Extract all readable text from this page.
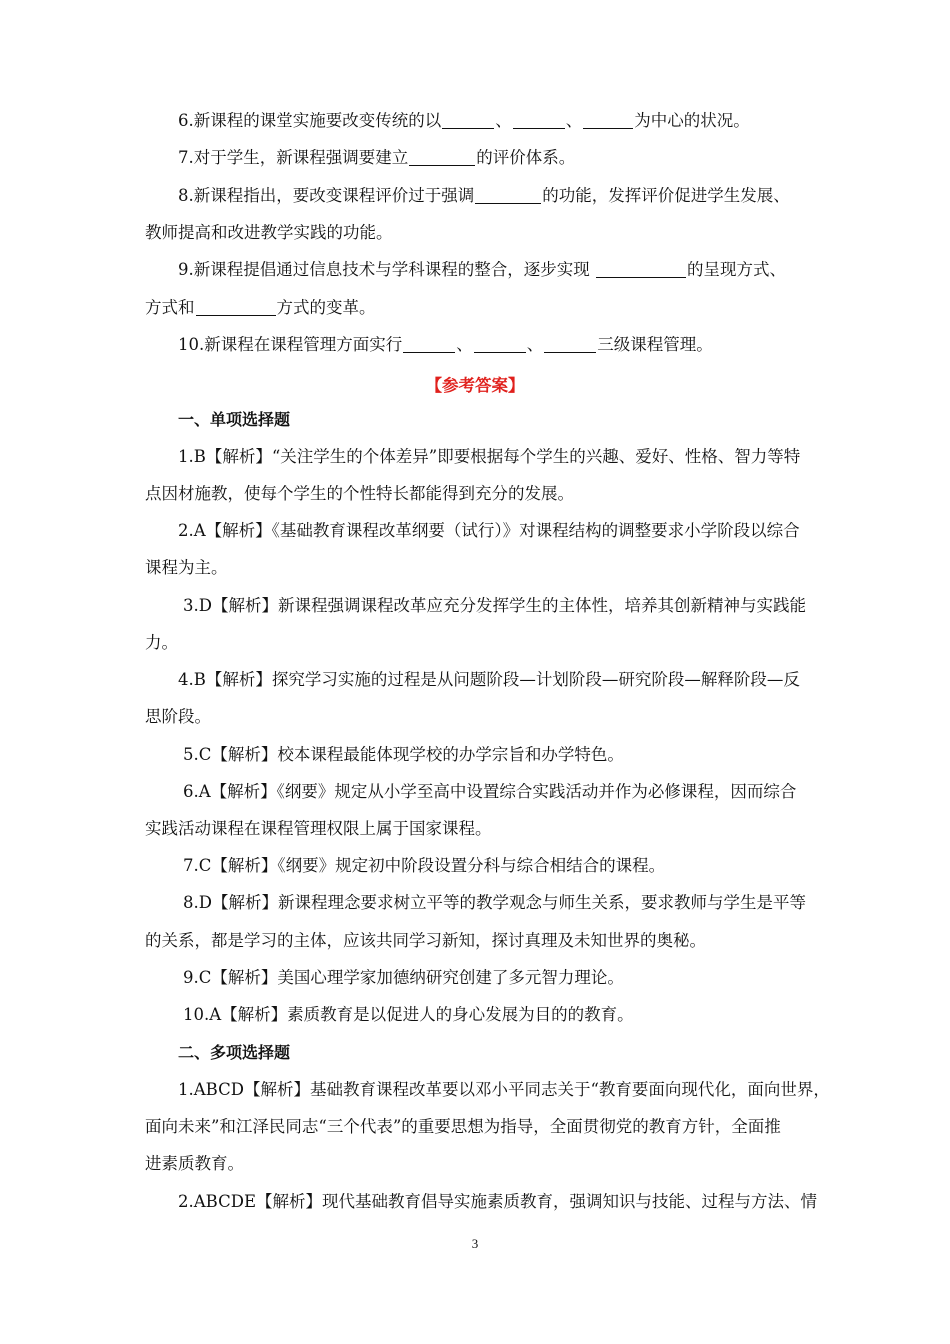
6.新课程的课堂实施要改变传统的以	、	、	为中心的状况。
7.对于学生，新课程强调要建立	的评价体系。
8.新课程指出，要改变课程评价过于强调	的功能，发挥评价促进学生发展、
教师提高和改进教学实践的功能。
9.新课程提倡通过信息技术与学科课程的整合，逐步实现	的呈现方式、
方式和	方式的变革。
10.新课程在课程管理方面实行	、	、	三级课程管理。
【参考答案】
一、单项选择题
1.B【解析】“关注学生的个体差异”即要根据每个学生的兴趣、爱好、性格、智力等特
点因材施教，使每个学生的个性特长都能得到充分的发展。
2.A【解析】《基础教育课程改革纲要（试行）》对课程结构的调整要求小学阶段以综合
课程为主。
3.D【解析】新课程强调课程改革应充分发挥学生的主体性，培养其创新精神与实践能
力。
4.B【解析】探究学习实施的过程是从问题阶段—计划阶段—研究阶段—解释阶段—反
思阶段。
5.C【解析】校本课程最能体现学校的办学宗旨和办学特色。
6.A【解析】《纲要》规定从小学至高中设置综合实践活动并作为必修课程，因而综合
实践活动课程在课程管理权限上属于国家课程。
7.C【解析】《纲要》规定初中阶段设置分科与综合相结合的课程。
8.D【解析】新课程理念要求树立平等的教学观念与师生关系，要求教师与学生是平等
的关系，都是学习的主体，应该共同学习新知，探讨真理及未知世界的奥秘。
9.C【解析】美国心理学家加德纳研究创建了多元智力理论。
10.A【解析】素质教育是以促进人的身心发展为目的的教育。
二、多项选择题
1.ABCD【解析】基础教育课程改革要以邓小平同志关于“教育要面向现代化，面向世界，
面向未来”和江泽民同志“三个代表”的重要思想为指导，全面贯彻党的教育方针，全面推
进素质教育。
2.ABCDE【解析】现代基础教育倡导实施素质教育，强调知识与技能、过程与方法、情
3
